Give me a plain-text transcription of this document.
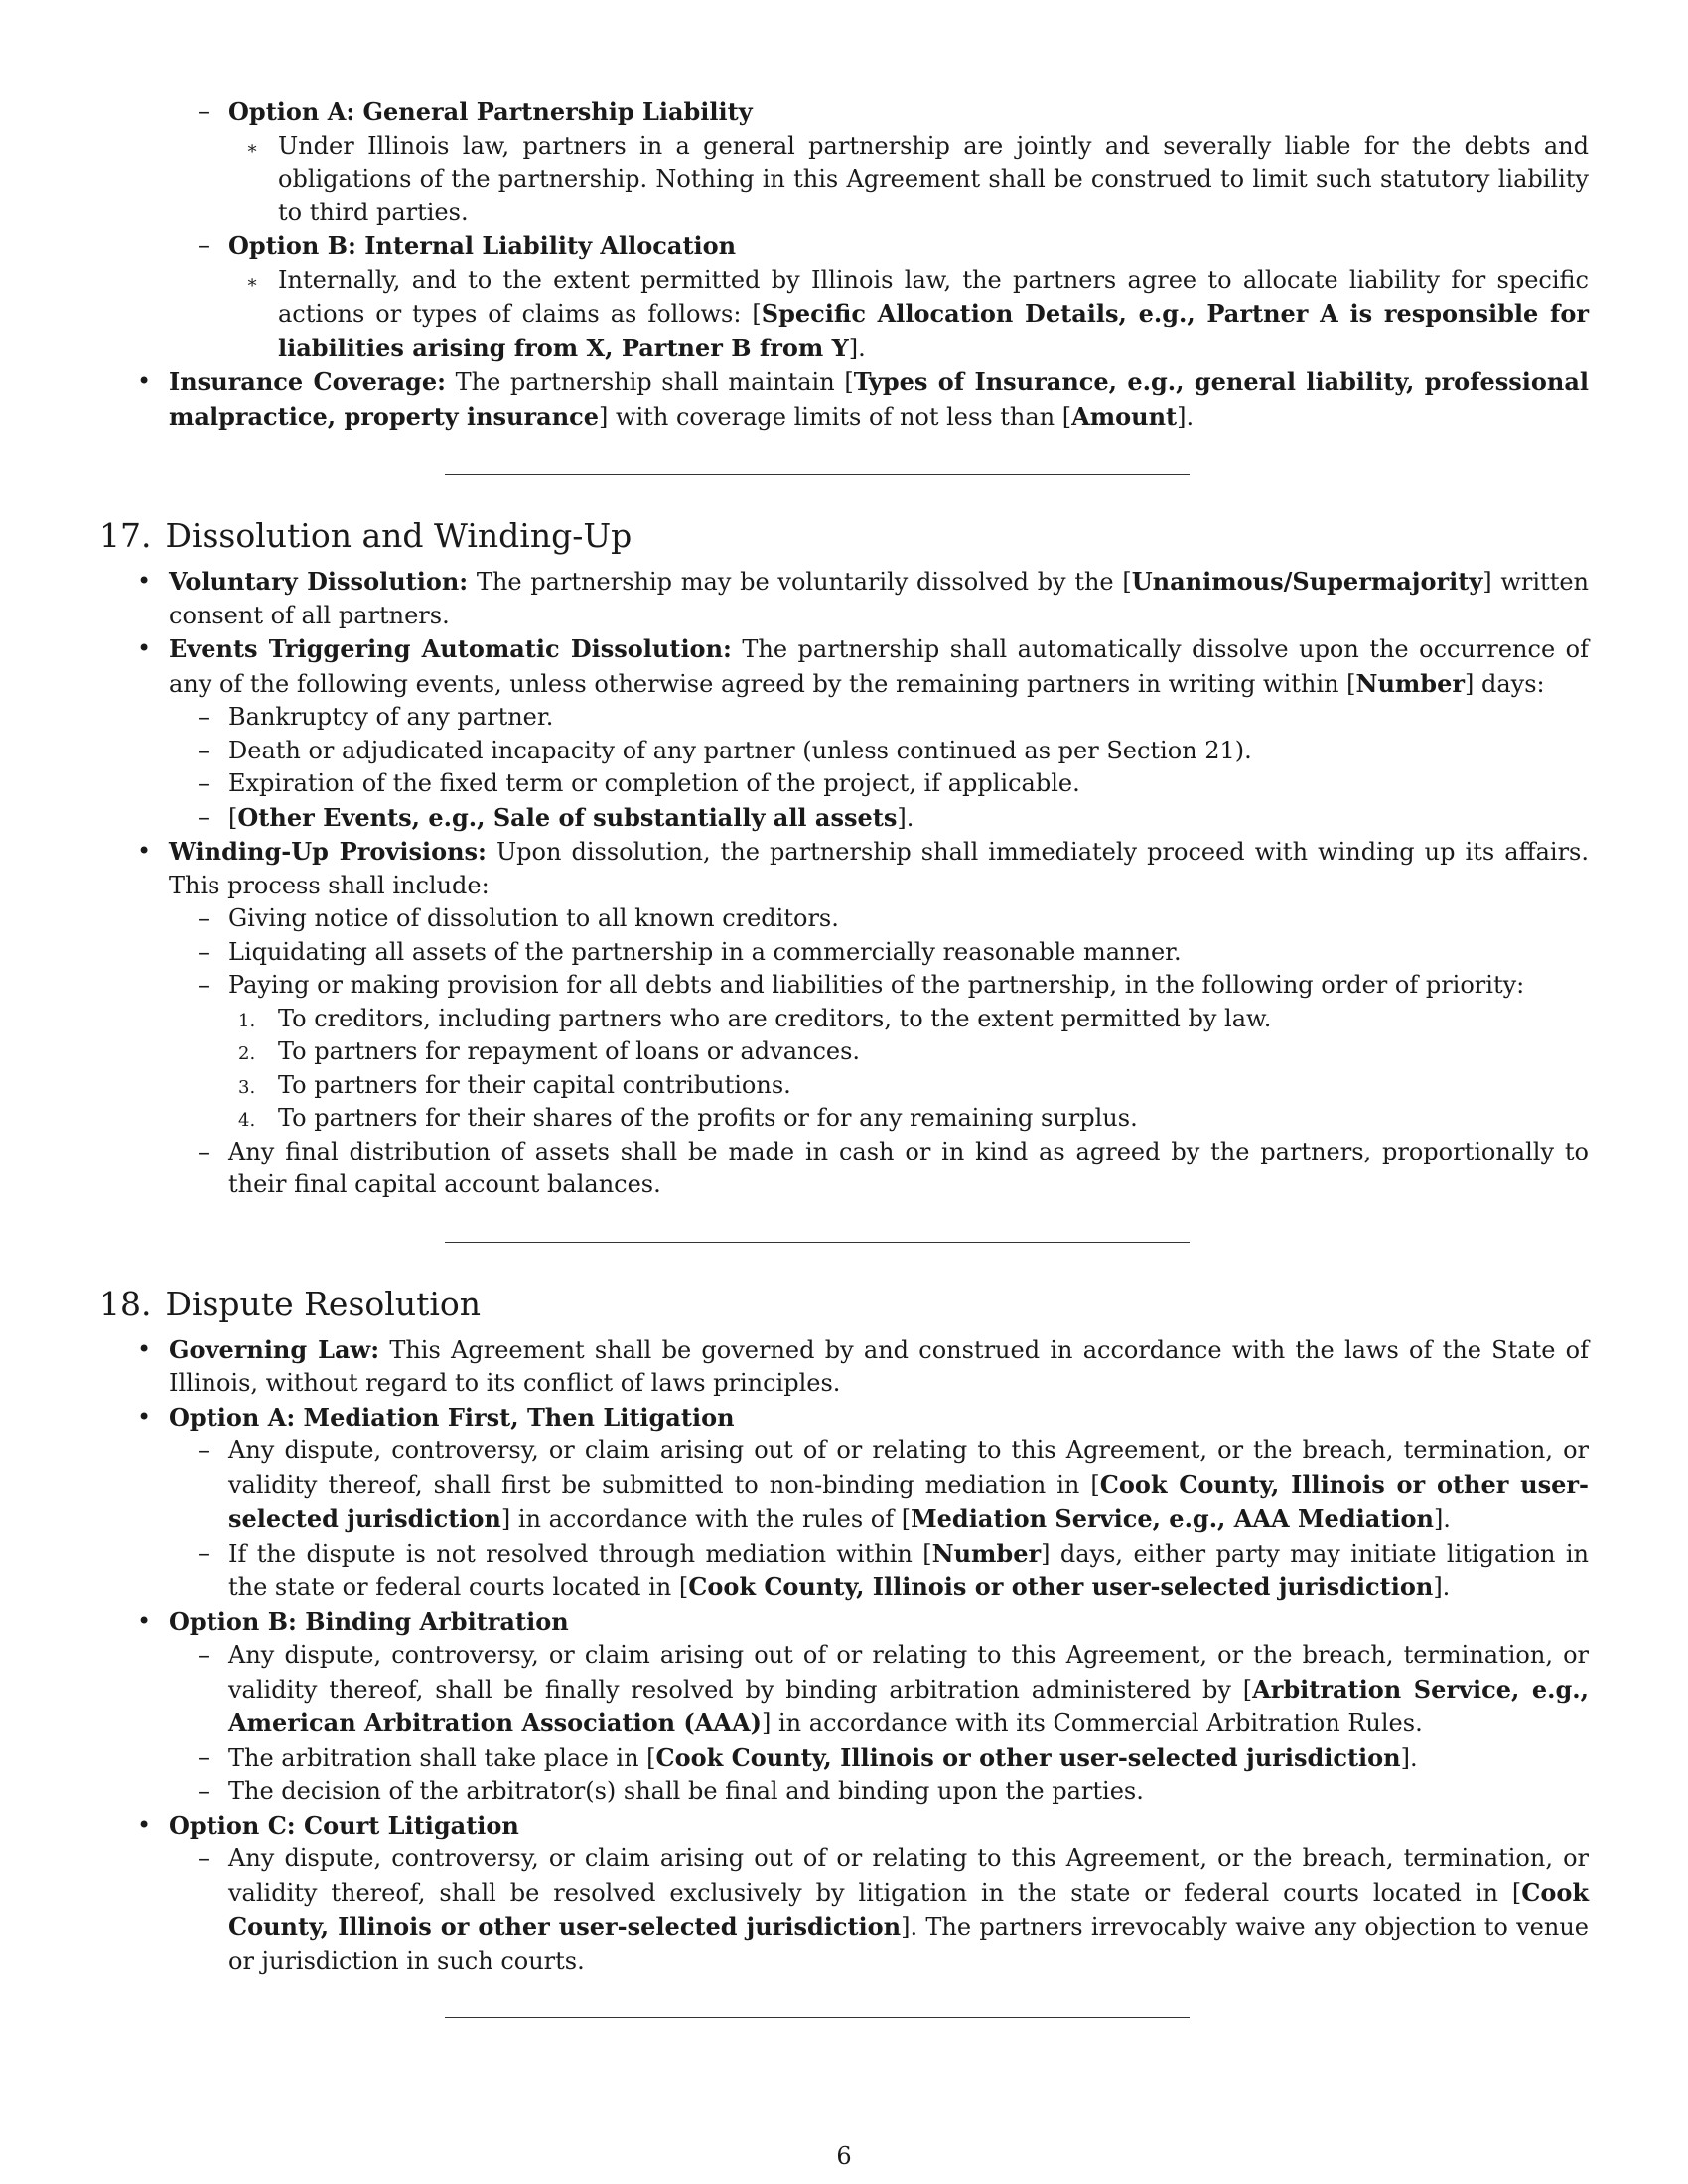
– Option A: General Partnership Liability
∗ Under Illinois law, partners in a general partnership are jointly and severally liable for the debts and obligations of the partnership. Nothing in this Agreement shall be construed to limit such statutory liability to third parties.
– Option B: Internal Liability Allocation
∗ Internally, and to the extent permitted by Illinois law, the partners agree to allocate liability for specific actions or types of claims as follows: [Specific Allocation Details, e.g., Partner A is responsible for liabilities arising from X, Partner B from Y].
• Insurance Coverage: The partnership shall maintain [Types of Insurance, e.g., general liability, professional malpractice, property insurance] with coverage limits of not less than [Amount].
17. Dissolution and Winding-Up
• Voluntary Dissolution: The partnership may be voluntarily dissolved by the [Unanimous/Supermajority] written consent of all partners.
• Events Triggering Automatic Dissolution: The partnership shall automatically dissolve upon the occurrence of any of the following events, unless otherwise agreed by the remaining partners in writing within [Number] days:
– Bankruptcy of any partner.
– Death or adjudicated incapacity of any partner (unless continued as per Section 21).
– Expiration of the fixed term or completion of the project, if applicable.
– [Other Events, e.g., Sale of substantially all assets].
• Winding-Up Provisions: Upon dissolution, the partnership shall immediately proceed with winding up its affairs. This process shall include:
– Giving notice of dissolution to all known creditors.
– Liquidating all assets of the partnership in a commercially reasonable manner.
– Paying or making provision for all debts and liabilities of the partnership, in the following order of priority:
1. To creditors, including partners who are creditors, to the extent permitted by law.
2. To partners for repayment of loans or advances.
3. To partners for their capital contributions.
4. To partners for their shares of the profits or for any remaining surplus.
– Any final distribution of assets shall be made in cash or in kind as agreed by the partners, proportionally to their final capital account balances.
18. Dispute Resolution
• Governing Law: This Agreement shall be governed by and construed in accordance with the laws of the State of Illinois, without regard to its conflict of laws principles.
• Option A: Mediation First, Then Litigation
– Any dispute, controversy, or claim arising out of or relating to this Agreement, or the breach, termination, or validity thereof, shall first be submitted to non-binding mediation in [Cook County, Illinois or other user-selected jurisdiction] in accordance with the rules of [Mediation Service, e.g., AAA Mediation].
– If the dispute is not resolved through mediation within [Number] days, either party may initiate litigation in the state or federal courts located in [Cook County, Illinois or other user-selected jurisdiction].
• Option B: Binding Arbitration
– Any dispute, controversy, or claim arising out of or relating to this Agreement, or the breach, termination, or validity thereof, shall be finally resolved by binding arbitration administered by [Arbitration Service, e.g., American Arbitration Association (AAA)] in accordance with its Commercial Arbitration Rules.
– The arbitration shall take place in [Cook County, Illinois or other user-selected jurisdiction].
– The decision of the arbitrator(s) shall be final and binding upon the parties.
• Option C: Court Litigation
– Any dispute, controversy, or claim arising out of or relating to this Agreement, or the breach, termination, or validity thereof, shall be resolved exclusively by litigation in the state or federal courts located in [Cook County, Illinois or other user-selected jurisdiction]. The partners irrevocably waive any objection to venue or jurisdiction in such courts.
6
